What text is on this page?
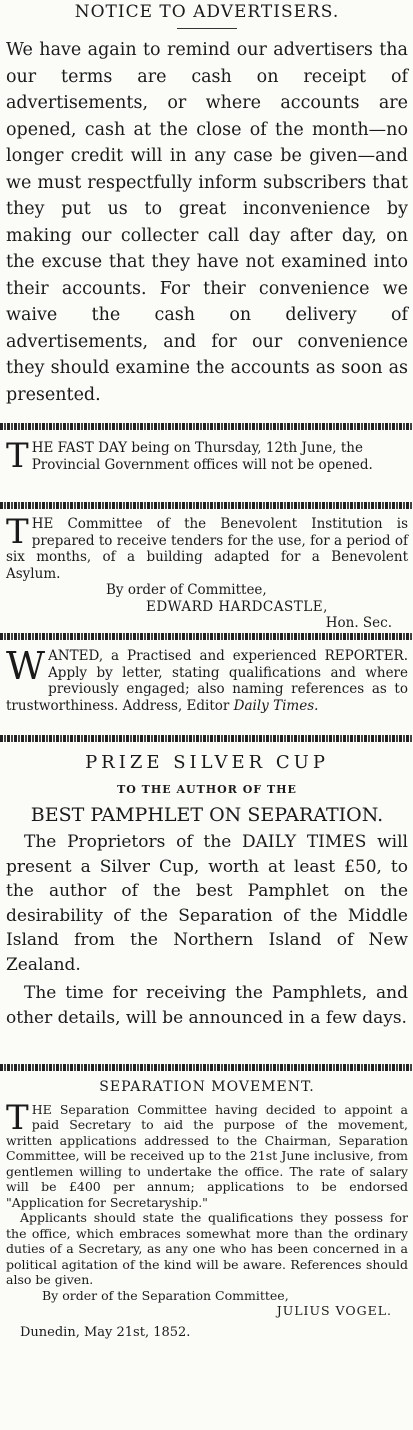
NOTICE TO ADVERTISERS.
We have again to remind our advertisers tha our terms are cash on receipt of advertisements, or where accounts are opened, cash at the close of the month—no longer credit will in any case be given—and we must respectfully inform subscribers that they put us to great inconvenience by making our collecter call day after day, on the excuse that they have not examined into their accounts. For their convenience we waive the cash on delivery of advertisements, and for our convenience they should examine the accounts as soon as presented.
T HE FAST DAY being on Thursday, 12th June, the Provincial Government offices will not be opened.
THE Committee of the Benevolent Institution is prepared to receive tenders for the use, for a period of six months, of a building adapted for a Benevolent Asylum.
By order of Committee,
EDWARD HARDCASTLE,
Hon. Sec.
WANTED, a Practised and experienced REPORTER. Apply by letter, stating qualifications and where previously engaged; also naming references as to trustworthiness. Address, Editor Daily Times.
PRIZE SILVER CUP
TO THE AUTHOR OF THE
BEST PAMPHLET ON SEPARATION.
The Proprietors of the DAILY TIMES will present a Silver Cup, worth at least £50, to the author of the best Pamphlet on the desirability of the Separation of the Middle Island from the Northern Island of New Zealand.
The time for receiving the Pamphlets, and other details, will be announced in a few days.
SEPARATION MOVEMENT.
THE Separation Committee having decided to appoint a paid Secretary to aid the purpose of the movement, written applications addressed to the Chairman, Separation Committee, will be received up to the 21st June inclusive, from gentlemen willing to undertake the office. The rate of salary will be £400 per annum; applications to be endorsed "Application for Secretaryship."
Applicants should state the qualifications they possess for the office, which embraces somewhat more than the ordinary duties of a Secretary, as any one who has been concerned in a political agitation of the kind will be aware. References should also be given.
By order of the Separation Committee,
JULIUS VOGEL.
Dunedin, May 21st, 1852.
